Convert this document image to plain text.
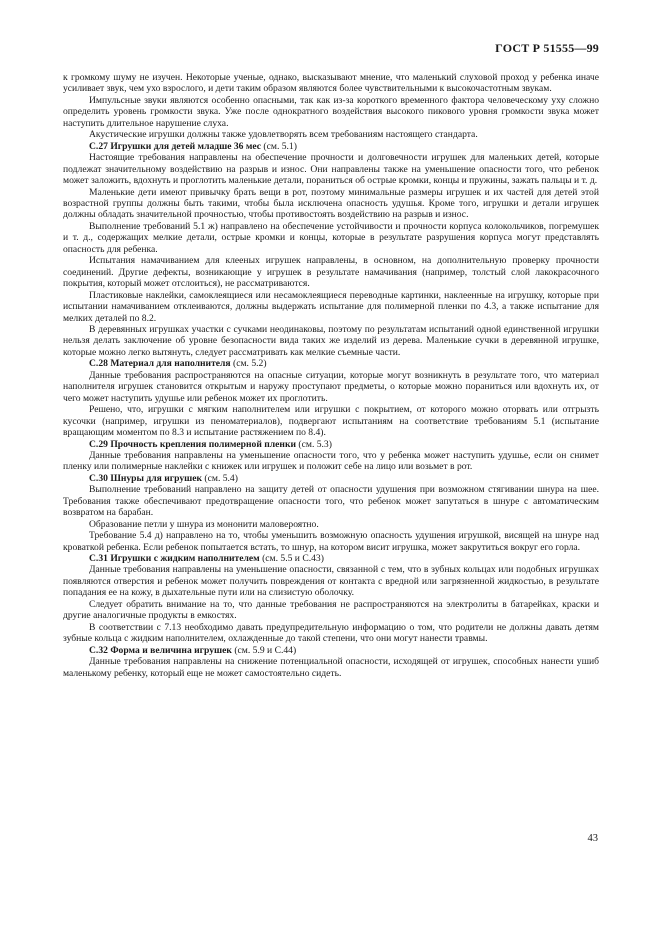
ГОСТ Р 51555—99

к громкому шуму не изучен. Некоторые ученые, однако, высказывают мнение, что маленький слуховой проход у ребенка иначе усиливает звук, чем ухо взрослого, и дети таким образом являются более чувствительными к высокочастотным звукам.

Импульсные звуки являются особенно опасными, так как из-за короткого временного фактора человеческому уху сложно определить уровень громкости звука. Уже после однократного воздействия высокого пикового уровня громкости звука может наступить длительное нарушение слуха.

Акустические игрушки должны также удовлетворять всем требованиям настоящего стандарта.

С.27 Игрушки для детей младше 36 мес (см. 5.1)

Настоящие требования направлены на обеспечение прочности и долговечности игрушек для маленьких детей, которые подлежат значительному воздействию на разрыв и износ. Они направлены также на уменьшение опасности того, что ребенок может заложить, вдохнуть и проглотить маленькие детали, пораниться об острые кромки, концы и пружины, зажать пальцы и т. д.

Маленькие дети имеют привычку брать вещи в рот, поэтому минимальные размеры игрушек и их частей для детей этой возрастной группы должны быть такими, чтобы была исключена опасность удушья. Кроме того, игрушки и детали игрушек должны обладать значительной прочностью, чтобы противостоять воздействию на разрыв и износ.

Выполнение требований 5.1 ж) направлено на обеспечение устойчивости и прочности корпуса колокольчиков, погремушек и т. д., содержащих мелкие детали, острые кромки и концы, которые в результате разрушения корпуса могут представлять опасность для ребенка.

Испытания намачиванием для клееных игрушек направлены, в основном, на дополнительную проверку прочности соединений. Другие дефекты, возникающие у игрушек в результате намачивания (например, толстый слой лакокрасочного покрытия, который может отслоиться), не рассматриваются.

Пластиковые наклейки, самоклеящиеся или несамоклеящиеся переводные картинки, наклеенные на игрушку, которые при испытании намачиванием отклеиваются, должны выдержать испытание для полимерной пленки по 4.3, а также испытание для мелких деталей по 8.2.

В деревянных игрушках участки с сучками неодинаковы, поэтому по результатам испытаний одной единственной игрушки нельзя делать заключение об уровне безопасности вида таких же изделий из дерева. Маленькие сучки в деревянной игрушке, которые можно легко вытянуть, следует рассматривать как мелкие съемные части.

С.28 Материал для наполнителя (см. 5.2)

Данные требования распространяются на опасные ситуации, которые могут возникнуть в результате того, что материал наполнителя игрушек становится открытым и наружу проступают предметы, о которые можно пораниться или вдохнуть их, от чего может наступить удушье или ребенок может их проглотить.

Решено, что, игрушки с мягким наполнителем или игрушки с покрытием, от которого можно оторвать или отгрызть кусочки (например, игрушки из пеноматериалов), подвергают испытаниям на соответствие требованиям 5.1 (испытание вращающим моментом по 8.3 и испытание растяжением по 8.4).

С.29 Прочность крепления полимерной пленки (см. 5.3)

Данные требования направлены на уменьшение опасности того, что у ребенка может наступить удушье, если он снимет пленку или полимерные наклейки с книжек или игрушек и положит себе на лицо или возьмет в рот.

С.30 Шнуры для игрушек (см. 5.4)

Выполнение требований направлено на защиту детей от опасности удушения при возможном стягивании шнура на шее. Требования также обеспечивают предотвращение опасности того, что ребенок может запутаться в шнуре с автоматическим возвратом на барабан.

Образование петли у шнура из мононити маловероятно.

Требование 5.4 д) направлено на то, чтобы уменьшить возможную опасность удушения игрушкой, висящей на шнуре над кроваткой ребенка. Если ребенок попытается встать, то шнур, на котором висит игрушка, может закрутиться вокруг его горла.

С.31 Игрушки с жидким наполнителем (см. 5.5 и С.43)

Данные требования направлены на уменьшение опасности, связанной с тем, что в зубных кольцах или подобных игрушках появляются отверстия и ребенок может получить повреждения от контакта с вредной или загрязненной жидкостью, в результате попадания ее на кожу, в дыхательные пути или на слизистую оболочку.

Следует обратить внимание на то, что данные требования не распространяются на электролиты в батарейках, краски и другие аналогичные продукты в емкостях.

В соответствии с 7.13 необходимо давать предупредительную информацию о том, что родители не должны давать детям зубные кольца с жидким наполнителем, охлажденные до такой степени, что они могут нанести травмы.

С.32 Форма и величина игрушек (см. 5.9 и С.44)

Данные требования направлены на снижение потенциальной опасности, исходящей от игрушек, способных нанести ушиб маленькому ребенку, который еще не может самостоятельно сидеть.

43
